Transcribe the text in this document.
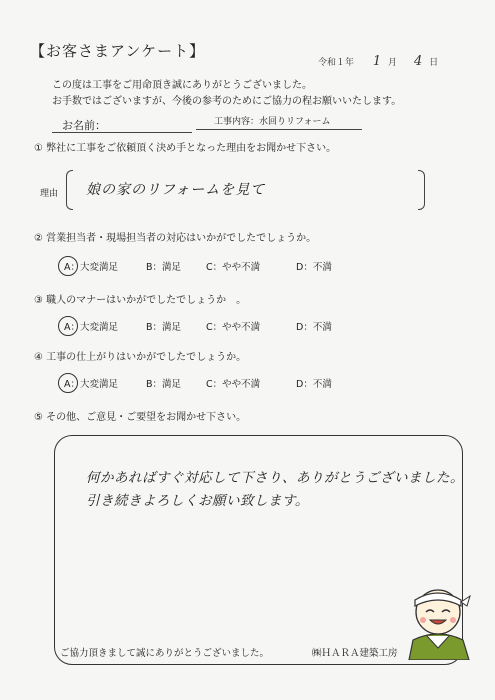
【お客さまアンケート】
令和１年 1 月 4 日
この度は工事をご用命頂き誠にありがとうございました。
お手数ではございますが、今後の参考のためにご協力の程お願いいたします。
お名前：	工事内容：水回りリフォーム
① 弊社に工事をご依頼頂く決め手となった理由をお聞かせ下さい。
理由 娘の家のリフォームを見て
② 営業担当者・現場担当者の対応はいかがでしたでしょうか。
A：大変満足	B：満足	C：やや不満	D：不満
③ 職人のマナーはいかがでしたでしょうか　。
A：大変満足	B：満足	C：やや不満	D：不満
④ 工事の仕上がりはいかがでしたでしょうか。
A：大変満足	B：満足	C：やや不満	D：不満
⑤ その他、ご意見・ご要望をお聞かせ下さい。
何かあればすぐ対応して下さり、ありがとうございました。
引き続きよろしくお願い致します。
ご協力頂きまして誠にありがとうございました。	㈱ＨＡＲＡ建築工房
